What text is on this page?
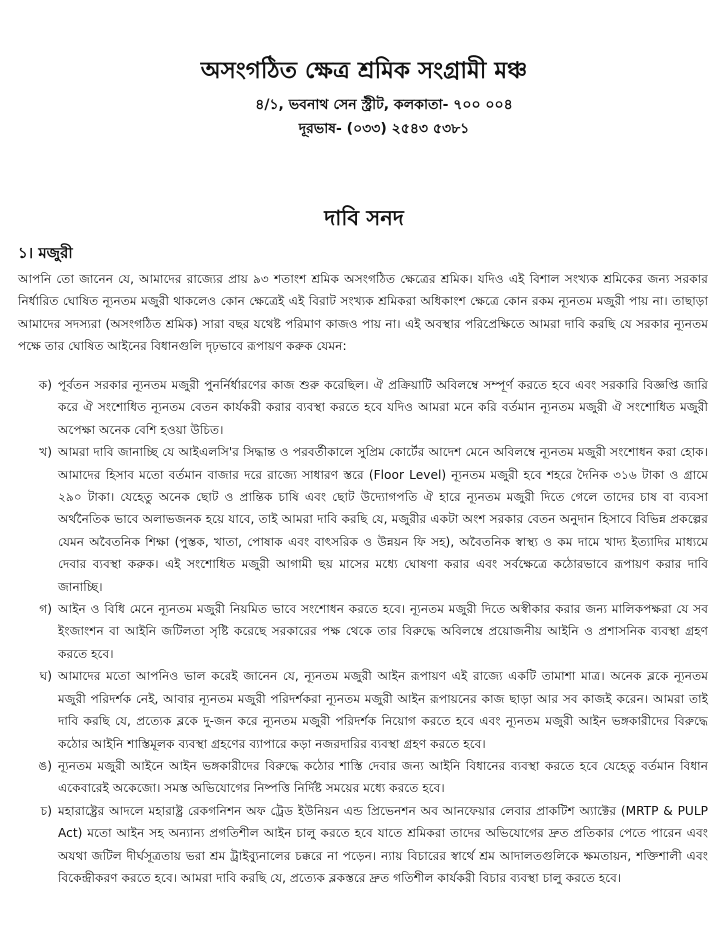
অসংগঠিত ক্ষেত্র শ্রমিক সংগ্রামী মঞ্চ
৪/১, ভবনাথ সেন স্ট্রীট, কলকাতা- ৭০০ ০০৪
দূরভাষ- (০৩৩) ২৫৪৩ ৫৩৮১
দাবি সনদ
১। মজুরী
আপনি তো জানেন যে, আমাদের রাজ্যের প্রায় ৯৩ শতাংশ শ্রমিক অসংগঠিত ক্ষেত্রের শ্রমিক। যদিও এই বিশাল সংখ্যক শ্রমিকের জন্য সরকার নির্ধারিত ঘোষিত ন্যূনতম মজুরী থাকলেও কোন ক্ষেত্রেই এই বিরাট সংখ্যক শ্রমিকরা অধিকাংশ ক্ষেত্রে কোন রকম ন্যূনতম মজুরী পায় না। তাছাড়া আমাদের সদস্যরা (অসংগঠিত শ্রমিক) সারা বছর যথেষ্ট পরিমাণ কাজও পায় না। এই অবস্থার পরিপ্রেক্ষিতে আমরা দাবি করছি যে সরকার ন্যূনতম পক্ষে তার ঘোষিত আইনের বিধানগুলি দৃঢ়ভাবে রূপায়ণ করুক যেমন:
ক) পূর্বতন সরকার ন্যূনতম মজুরী পুনর্নির্ধারণের কাজ শুরু করেছিল। ঐ প্রক্রিয়াটি অবিলম্বে সম্পূর্ণ করতে হবে এবং সরকারি বিজ্ঞপ্তি জারি করে ঐ সংশোধিত ন্যূনতম বেতন কার্যকরী করার ব্যবস্থা করতে হবে যদিও আমরা মনে করি বর্তমান ন্যূনতম মজুরী ঐ সংশোধিত মজুরী অপেক্ষা অনেক বেশি হওয়া উচিত।
খ) আমরা দাবি জানাচ্ছি যে আইএলসি'র সিদ্ধান্ত ও পরবর্তীকালে সুপ্রিম কোর্টের আদেশ মেনে অবিলম্বে ন্যূনতম মজুরী সংশোধন করা হোক। আমাদের হিসাব মতো বর্তমান বাজার দরে রাজ্যে সাধারণ স্তরে (Floor Level) ন্যূনতম মজুরী হবে শহরে দৈনিক ৩১৬ টাকা ও গ্রামে ২৯০ টাকা। যেহেতু অনেক ছোট ও প্রান্তিক চাষি এবং ছোট উদ্যোগপতি ঐ হারে ন্যূনতম মজুরী দিতে গেলে তাদের চাষ বা ব্যবসা অর্থনৈতিক ভাবে অলাভজনক হয়ে যাবে, তাই আমরা দাবি করছি যে, মজুরীর একটা অংশ সরকার বেতন অনুদান হিসাবে বিভিন্ন প্রকল্পের যেমন অবৈতনিক শিক্ষা (পুস্তক, খাতা, পোষাক এবং বাৎসরিক ও উন্নয়ন ফি সহ), অবৈতনিক স্বাস্থ্য ও কম দামে খাদ্য ইত্যাদির মাধ্যমে দেবার ব্যবস্থা করুক। এই সংশোধিত মজুরী আগামী ছয় মাসের মধ্যে ঘোষণা করার এবং সর্বক্ষেত্রে কঠোরভাবে রূপায়ণ করার দাবি জানাচ্ছি।
গ) আইন ও বিধি মেনে ন্যূনতম মজুরী নিয়মিত ভাবে সংশোধন করতে হবে। ন্যূনতম মজুরী দিতে অস্বীকার করার জন্য মালিকপক্ষরা যে সব ইংজাংশন বা আইনি জটিলতা সৃষ্টি করেছে সরকারের পক্ষ থেকে তার বিরুদ্ধে অবিলম্বে প্রয়োজনীয় আইনি ও প্রশাসনিক ব্যবস্থা গ্রহণ করতে হবে।
ঘ) আমাদের মতো আপনিও ভাল করেই জানেন যে, ন্যূনতম মজুরী আইন রূপায়ণ এই রাজ্যে একটি তামাশা মাত্র। অনেক ব্লকে ন্যূনতম মজুরী পরিদর্শক নেই, আবার ন্যূনতম মজুরী পরিদর্শকরা ন্যূনতম মজুরী আইন রূপায়নের কাজ ছাড়া আর সব কাজই করেন। আমরা তাই দাবি করছি যে, প্রত্যেক ব্লকে দু-জন করে ন্যূনতম মজুরী পরিদর্শক নিয়োগ করতে হবে এবং ন্যূনতম মজুরী আইন ভঙ্গকারীদের বিরুদ্ধে কঠোর আইনি শাস্তিমূলক ব্যবস্থা গ্রহণের ব্যাপারে কড়া নজরদারির ব্যবস্থা গ্রহণ করতে হবে।
ঙ) ন্যূনতম মজুরী আইনে আইন ভঙ্গকারীদের বিরুদ্ধে কঠোর শাস্তি দেবার জন্য আইনি বিধানের ব্যবস্থা করতে হবে যেহেতু বর্তমান বিধান একেবারেই অকেজো। সমস্ত অভিযোগের নিষ্পত্তি নির্দিষ্ট সময়ের মধ্যে করতে হবে।
চ) মহারাষ্ট্রের আদলে মহারাষ্ট্র রেকগনিশন অফ ট্রেড ইউনিয়ন এন্ড প্রিভেনশন অব আনফেয়ার লেবার প্রাকটিশ অ্যাক্টের (MRTP & PULP Act) মতো আইন সহ অন্যান্য প্রগতিশীল আইন চালু করতে হবে যাতে শ্রমিকরা তাদের অভিযোগের দ্রুত প্রতিকার পেতে পারেন এবং অযথা জটিল দীর্ঘসূত্রতায় ভরা শ্রম ট্রাইব্যুনালের চক্করে না পড়েন। ন্যায় বিচারের স্বার্থে শ্রম আদালতগুলিকে ক্ষমতায়ন, শক্তিশালী এবং বিকেন্দ্রীকরণ করতে হবে। আমরা দাবি করছি যে, প্রত্যেক ব্লকস্তরে দ্রুত গতিশীল কার্যকরী বিচার ব্যবস্থা চালু করতে হবে।
